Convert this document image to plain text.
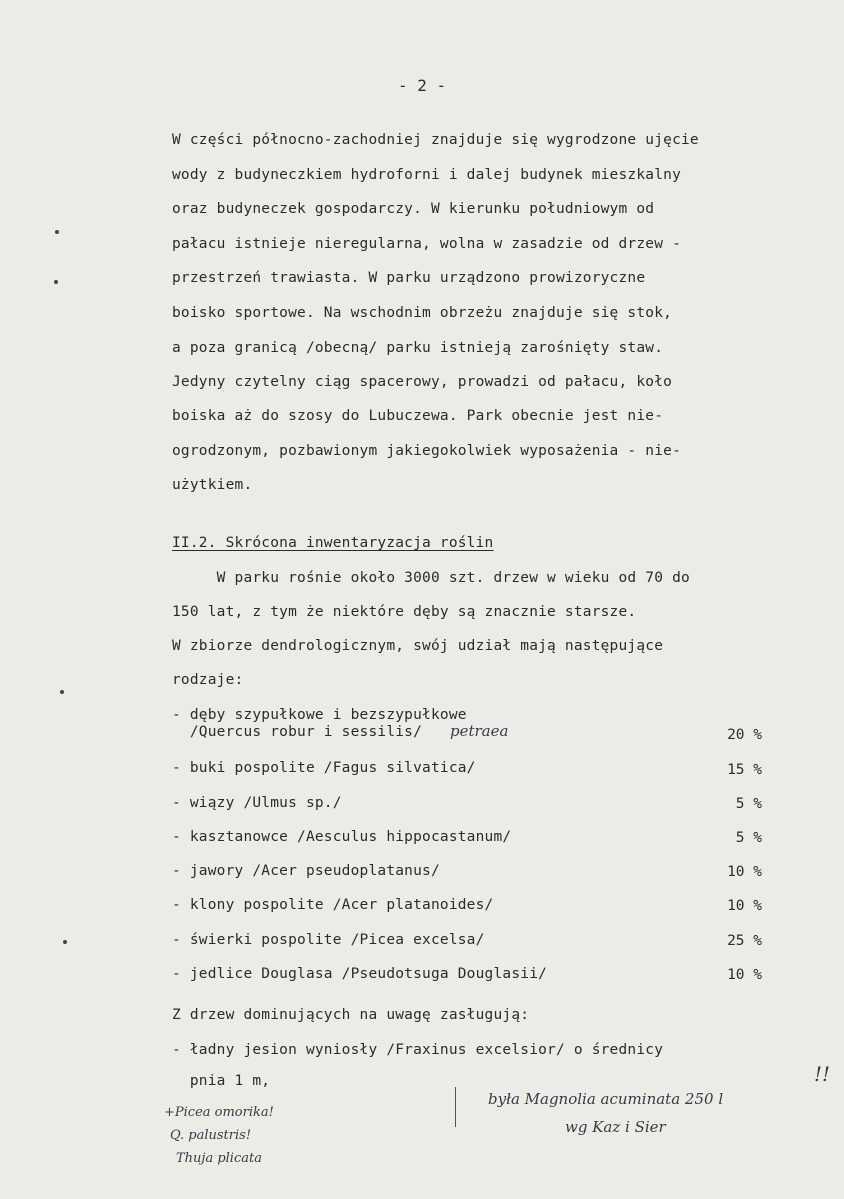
- 2 -
W części północno-zachodniej znajduje się wygrodzone ujęcie
wody z budyneczkiem hydroforni i dalej budynek mieszkalny
oraz budyneczek gospodarczy. W kierunku południowym od
pałacu istnieje nieregularna, wolna w zasadzie od drzew -
przestrzeń trawiasta. W parku urządzono prowizoryczne
boisko sportowe. Na wschodnim obrzeżu znajduje się stok,
a poza granicą /obecną/ parku istnieją zarośnięty staw.
Jedyny czytelny ciąg spacerowy, prowadzi od pałacu, koło
boiska aż do szosy do Lubuczewa. Park obecnie jest nie-
ogrodzonym, pozbawionym jakiegokolwiek wyposażenia - nie-
użytkiem.
II.2. Skrócona inwentaryzacja roślin
W parku rośnie około 3000 szt. drzew w wieku od 70 do
150 lat, z tym że niektóre dęby są znacznie starsze.
W zbiorze dendrologicznym, swój udział mają następujące
rodzaje:
- dęby szypułkowe i bezszypułkowe
/Quercus robur i sessilis/ petraea	20 %
- buki pospolite /Fagus silvatica/	15 %
- wiązy /Ulmus sp./	5 %
- kasztanowce /Aesculus hippocastanum/	5 %
- jawory /Acer pseudoplatanus/	10 %
- klony pospolite /Acer platanoides/	10 %
- świerki pospolite /Picea excelsa/	25 %
- jedlice Douglasa /Pseudotsuga Douglasii/	10 %
Z drzew dominujących na uwagę zasługują:
- ładny jesion wyniosły /Fraxinus excelsior/ o średnicy
pnia 1 m,
+Picea omorika!
Q. palustris!
Thuja plicata
była Magnolia acuminata 250 l
wg Kaz i Sier
!!
